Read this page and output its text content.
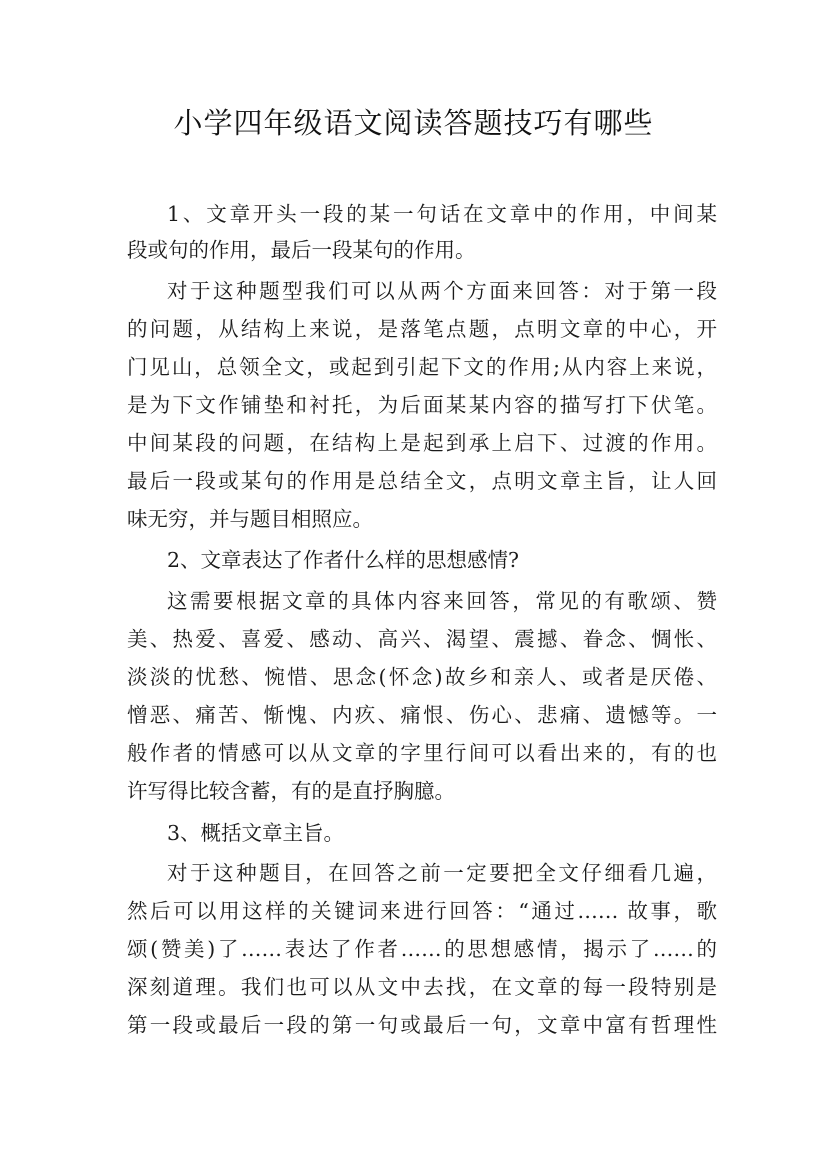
小学四年级语文阅读答题技巧有哪些

1、文章开头一段的某一句话在文章中的作用，中间某

段或句的作用，最后一段某句的作用。

对于这种题型我们可以从两个方面来回答：对于第一段

的问题，从结构上来说，是落笔点题，点明文章的中心，开

门见山，总领全文，或起到引起下文的作用;从内容上来说，

是为下文作铺垫和衬托，为后面某某内容的描写打下伏笔。

中间某段的问题，在结构上是起到承上启下、过渡的作用。

最后一段或某句的作用是总结全文，点明文章主旨，让人回

味无穷，并与题目相照应。

2、文章表达了作者什么样的思想感情?

这需要根据文章的具体内容来回答，常见的有歌颂、赞

美、热爱、喜爱、感动、高兴、渴望、震撼、眷念、惆怅、

淡淡的忧愁、惋惜、思念(怀念)故乡和亲人、或者是厌倦、

憎恶、痛苦、惭愧、内疚、痛恨、伤心、悲痛、遗憾等。一

般作者的情感可以从文章的字里行间可以看出来的，有的也

许写得比较含蓄，有的是直抒胸臆。

3、概括文章主旨。

对于这种题目，在回答之前一定要把全文仔细看几遍，

然后可以用这样的关键词来进行回答：“通过…… 故事，歌

颂(赞美)了……表达了作者……的思想感情，揭示了……的

深刻道理。我们也可以从文中去找，在文章的每一段特别是

第一段或最后一段的第一句或最后一句，文章中富有哲理性
